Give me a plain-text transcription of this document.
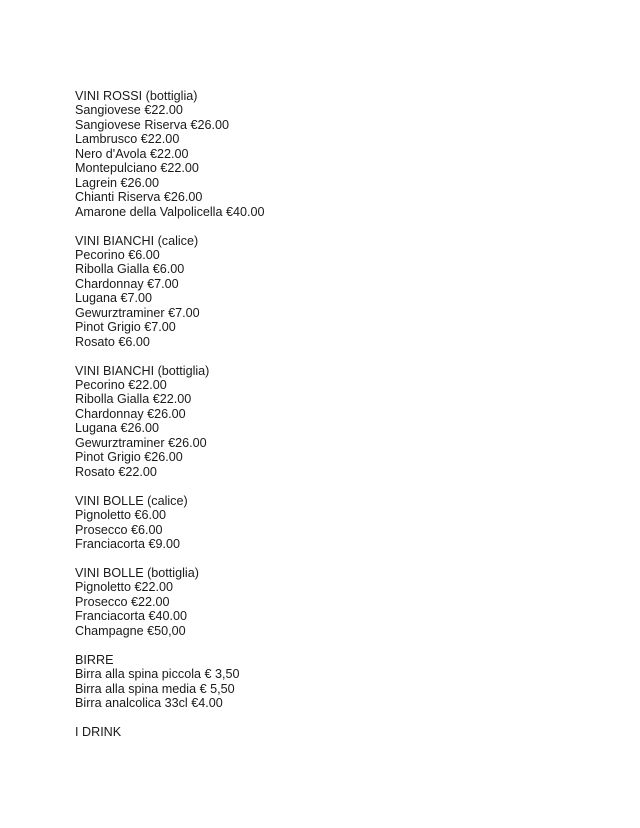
VINI ROSSI (bottiglia)
Sangiovese €22.00
Sangiovese Riserva €26.00
Lambrusco €22.00
Nero d'Avola €22.00
Montepulciano €22.00
Lagrein €26.00
Chianti Riserva €26.00
Amarone della Valpolicella €40.00
VINI BIANCHI (calice)
Pecorino €6.00
Ribolla Gialla €6.00
Chardonnay €7.00
Lugana €7.00
Gewurztraminer €7.00
Pinot Grigio €7.00
Rosato €6.00
VINI BIANCHI (bottiglia)
Pecorino €22.00
Ribolla Gialla €22.00
Chardonnay €26.00
Lugana €26.00
Gewurztraminer €26.00
Pinot Grigio €26.00
Rosato €22.00
VINI BOLLE (calice)
Pignoletto €6.00
Prosecco €6.00
Franciacorta €9.00
VINI BOLLE (bottiglia)
Pignoletto €22.00
Prosecco €22.00
Franciacorta €40.00
Champagne €50,00
BIRRE
Birra alla spina piccola € 3,50
Birra alla spina media € 5,50
Birra analcolica 33cl €4.00
I DRINK
